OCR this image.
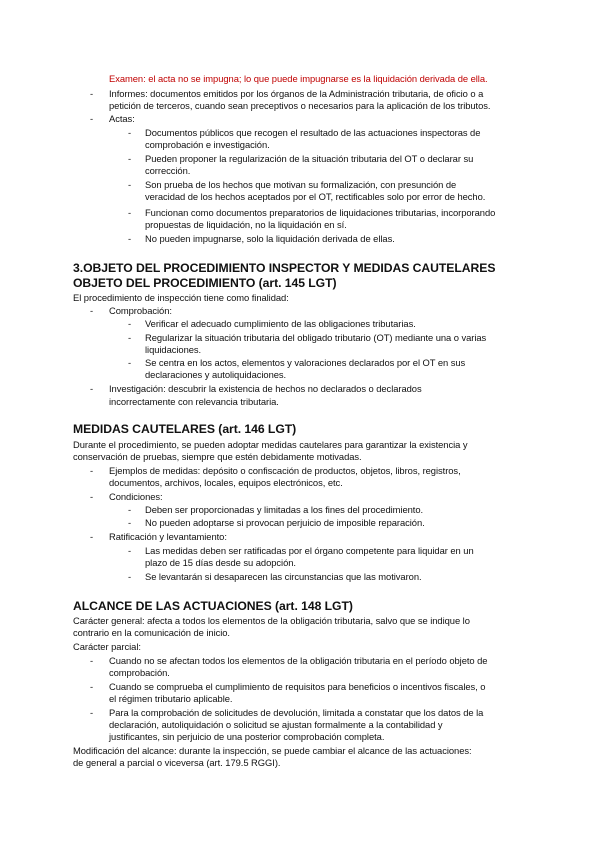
Examen: el acta no se impugna; lo que puede impugnarse es la liquidación derivada de ella.
- Informes: documentos emitidos por los órganos de la Administración tributaria, de oficio o a
petición de terceros, cuando sean preceptivos o necesarios para la aplicación de los tributos.
- Actas:
- Documentos públicos que recogen el resultado de las actuaciones inspectoras de
comprobación e investigación.
- Pueden proponer la regularización de la situación tributaria del OT o declarar su
corrección.
- Son prueba de los hechos que motivan su formalización, con presunción de
veracidad de los hechos aceptados por el OT, rectificables solo por error de hecho.
- Funcionan como documentos preparatorios de liquidaciones tributarias, incorporando
propuestas de liquidación, no la liquidación en sí.
- No pueden impugnarse, solo la liquidación derivada de ellas.
3.OBJETO DEL PROCEDIMIENTO INSPECTOR Y MEDIDAS CAUTELARES
OBJETO DEL PROCEDIMIENTO (art. 145 LGT)
El procedimiento de inspección tiene como finalidad:
- Comprobación:
- Verificar el adecuado cumplimiento de las obligaciones tributarias.
- Regularizar la situación tributaria del obligado tributario (OT) mediante una o varias
liquidaciones.
- Se centra en los actos, elementos y valoraciones declarados por el OT en sus
declaraciones y autoliquidaciones.
- Investigación: descubrir la existencia de hechos no declarados o declarados
incorrectamente con relevancia tributaria.
MEDIDAS CAUTELARES (art. 146 LGT)
Durante el procedimiento, se pueden adoptar medidas cautelares para garantizar la existencia y
conservación de pruebas, siempre que estén debidamente motivadas.
- Ejemplos de medidas: depósito o confiscación de productos, objetos, libros, registros,
documentos, archivos, locales, equipos electrónicos, etc.
- Condiciones:
- Deben ser proporcionadas y limitadas a los fines del procedimiento.
- No pueden adoptarse si provocan perjuicio de imposible reparación.
- Ratificación y levantamiento:
- Las medidas deben ser ratificadas por el órgano competente para liquidar en un
plazo de 15 días desde su adopción.
- Se levantarán si desaparecen las circunstancias que las motivaron.
ALCANCE DE LAS ACTUACIONES (art. 148 LGT)
Carácter general: afecta a todos los elementos de la obligación tributaria, salvo que se indique lo
contrario en la comunicación de inicio.
Carácter parcial:
- Cuando no se afectan todos los elementos de la obligación tributaria en el período objeto de
comprobación.
- Cuando se comprueba el cumplimiento de requisitos para beneficios o incentivos fiscales, o
el régimen tributario aplicable.
- Para la comprobación de solicitudes de devolución, limitada a constatar que los datos de la
declaración, autoliquidación o solicitud se ajustan formalmente a la contabilidad y
justificantes, sin perjuicio de una posterior comprobación completa.
Modificación del alcance: durante la inspección, se puede cambiar el alcance de las actuaciones:
de general a parcial o viceversa (art. 179.5 RGGI).
